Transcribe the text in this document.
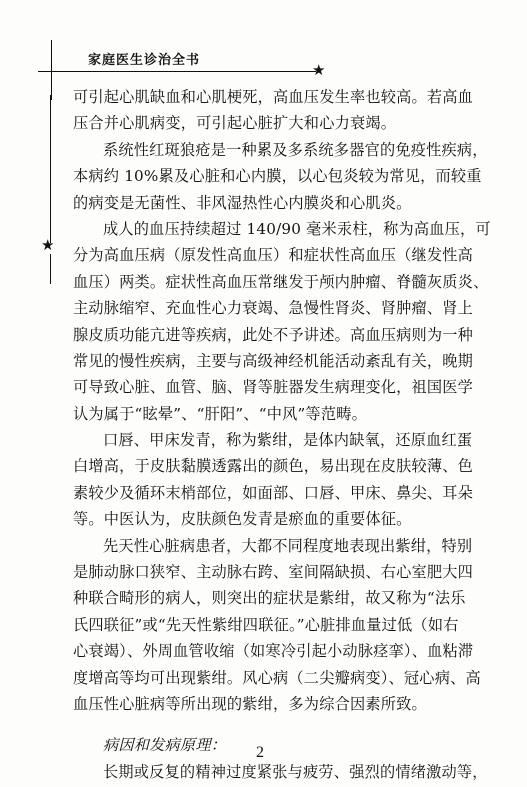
家庭医生诊治全书
★
★
可引起心肌缺血和心肌梗死，高血压发生率也较高。若高血
压合并心肌病变，可引起心脏扩大和心力衰竭。
系统性红斑狼疮是一种累及多系统多器官的免疫性疾病，
本病约 10%累及心脏和心内膜，以心包炎较为常见，而较重
的病变是无菌性、非风湿热性心内膜炎和心肌炎。
成人的血压持续超过 140/90 毫米汞柱，称为高血压，可
分为高血压病（原发性高血压）和症状性高血压（继发性高
血压）两类。症状性高血压常继发于颅内肿瘤、脊髓灰质炎、
主动脉缩窄、充血性心力衰竭、急慢性肾炎、肾肿瘤、肾上
腺皮质功能亢进等疾病，此处不予讲述。高血压病则为一种
常见的慢性疾病，主要与高级神经机能活动紊乱有关，晚期
可导致心脏、血管、脑、肾等脏器发生病理变化，祖国医学
认为属于“眩晕”、“肝阳”、“中风”等范畴。
口唇、甲床发青，称为紫绀，是体内缺氧，还原血红蛋
白增高，于皮肤黏膜透露出的颜色，易出现在皮肤较薄、色
素较少及循环末梢部位，如面部、口唇、甲床、鼻尖、耳朵
等。中医认为，皮肤颜色发青是瘀血的重要体征。
先天性心脏病患者，大都不同程度地表现出紫绀，特别
是肺动脉口狭窄、主动脉右跨、室间隔缺损、右心室肥大四
种联合畸形的病人，则突出的症状是紫绀，故又称为“法乐
氏四联征”或“先天性紫绀四联征。”心脏排血量过低（如右
心衰竭）、外周血管收缩（如寒冷引起小动脉痉挛）、血粘滞
度增高等均可出现紫绀。风心病（二尖瓣病变）、冠心病、高
血压性心脏病等所出现的紫绀，多为综合因素所致。
病因和发病原理：
长期或反复的精神过度紧张与疲劳、强烈的情绪激动等，
2
